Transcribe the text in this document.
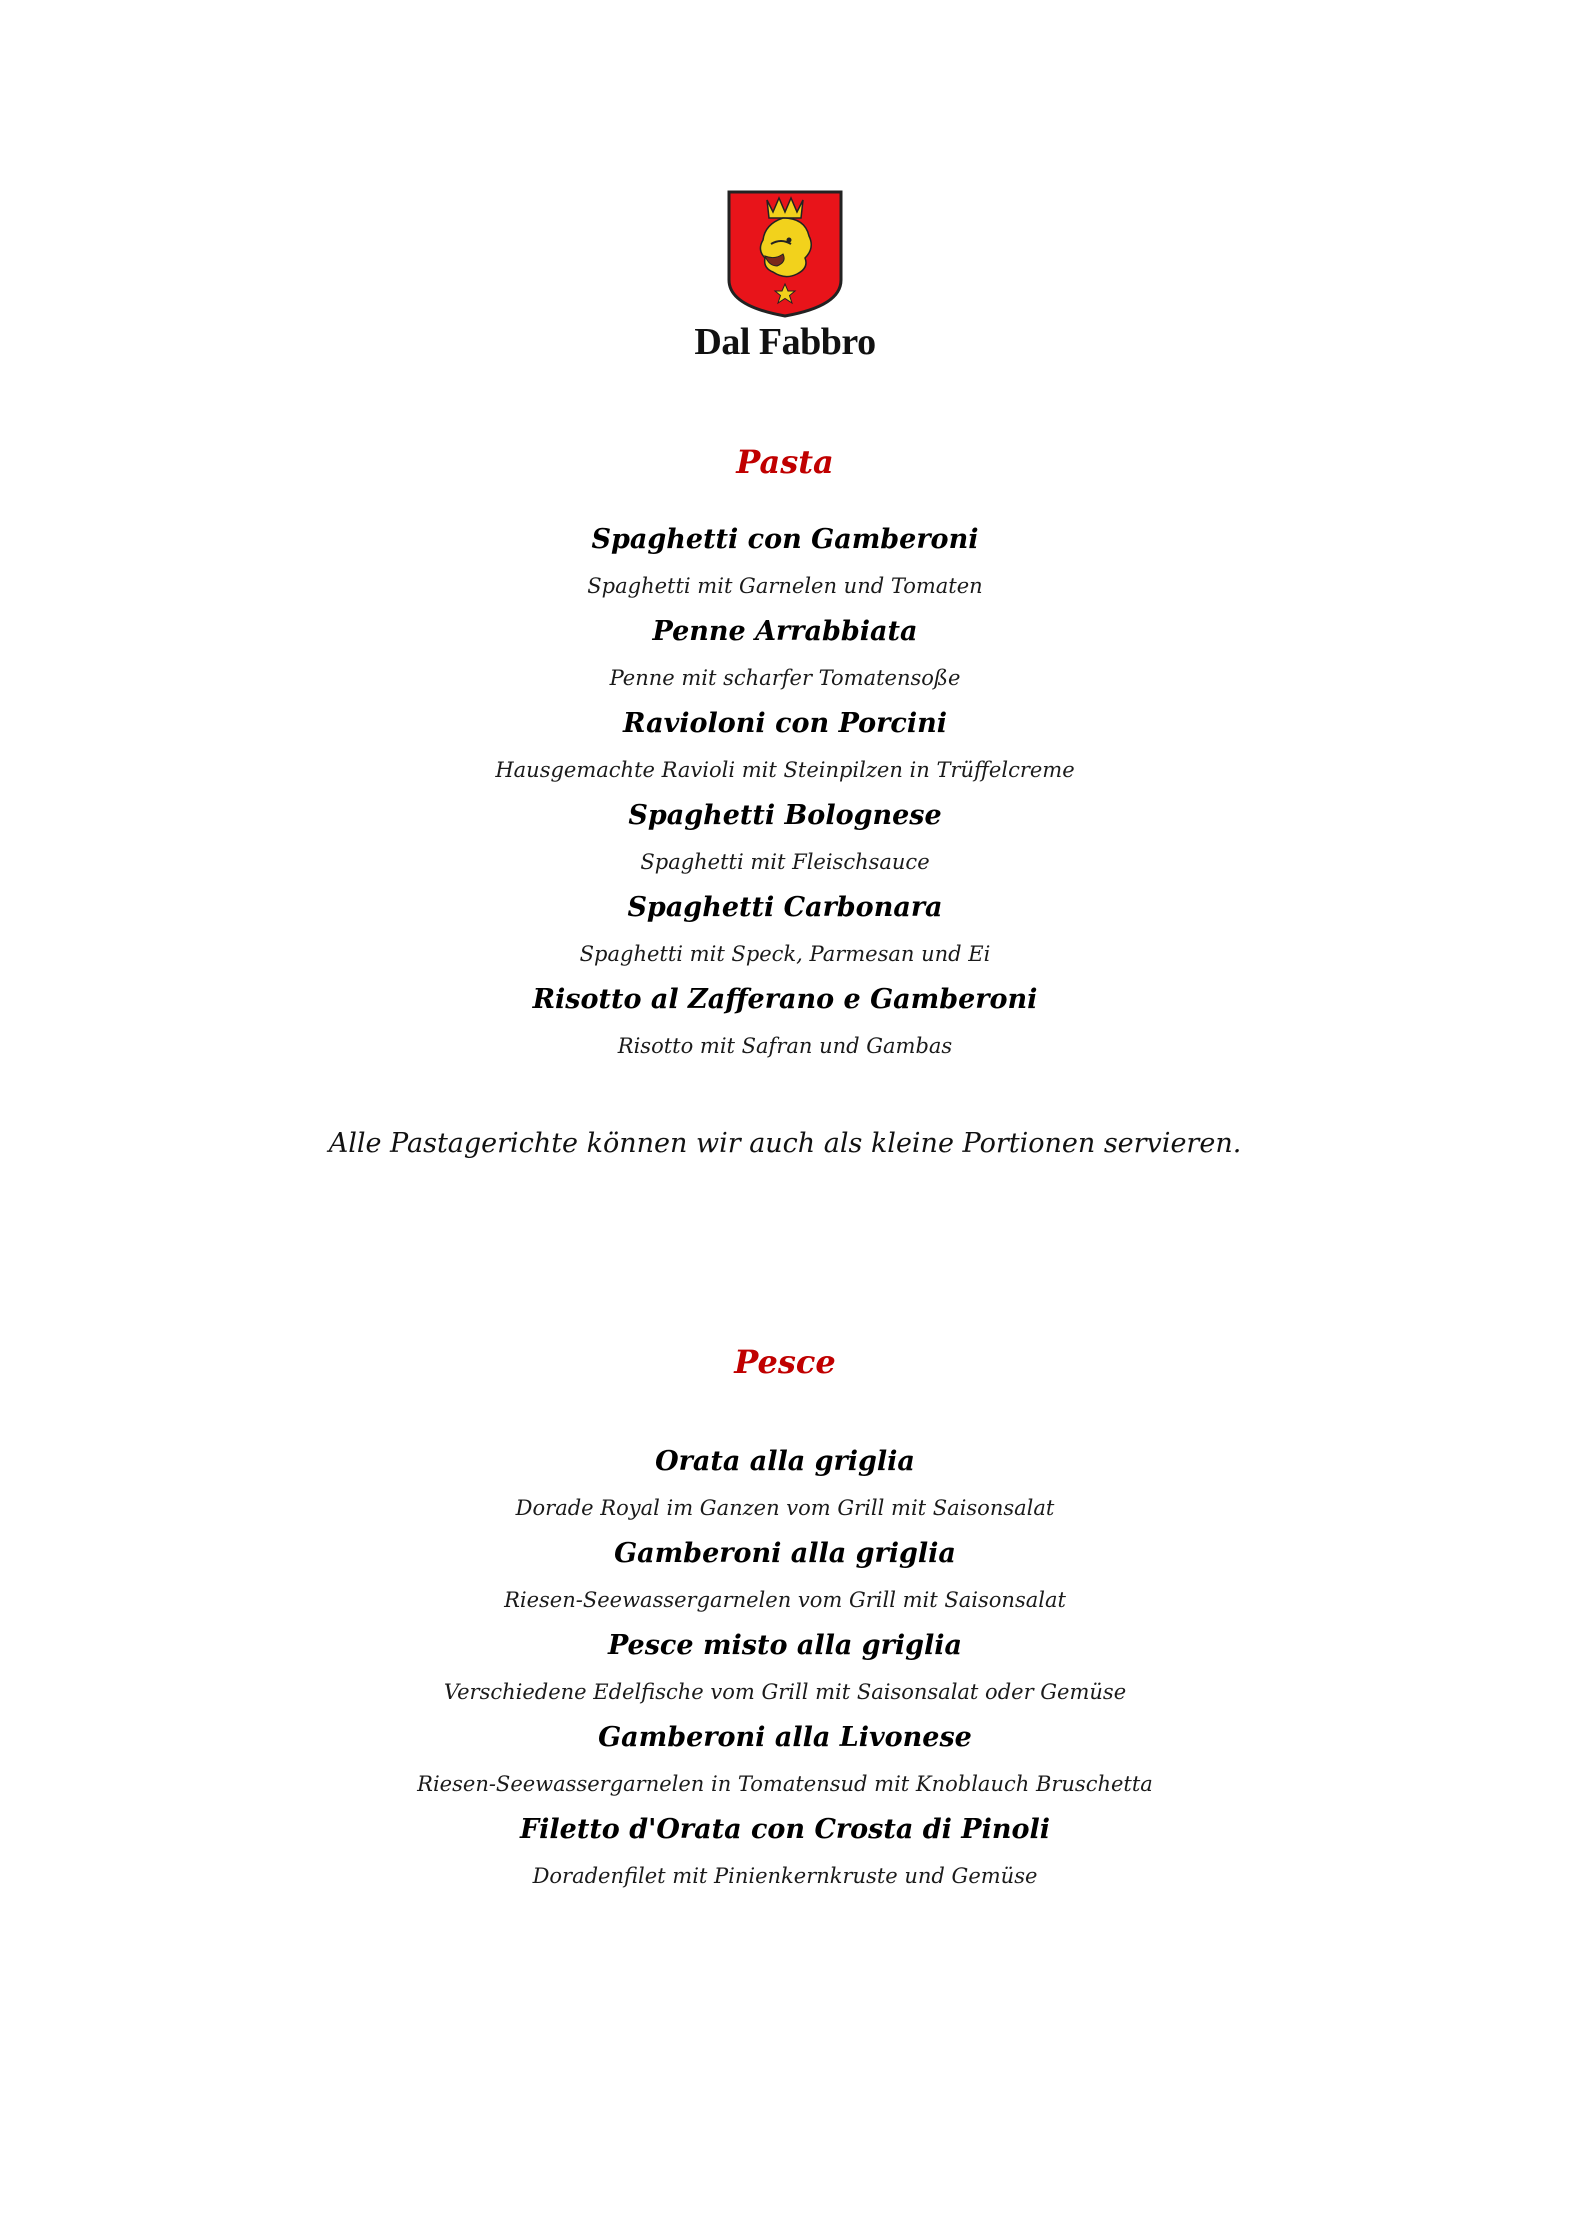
Dal Fabbro
Pasta

Spaghetti con Gamberoni

Spaghetti mit Garnelen und Tomaten

Penne Arrabbiata

Penne mit scharfer Tomatensoße

Ravioloni con Porcini

Hausgemachte Ravioli mit Steinpilzen in Trüffelcreme

Spaghetti Bolognese

Spaghetti mit Fleischsauce

Spaghetti Carbonara

Spaghetti mit Speck, Parmesan und Ei

Risotto al Zafferano e Gamberoni

Risotto mit Safran und Gambas

Alle Pastagerichte können wir auch als kleine Portionen servieren.

Pesce

Orata alla griglia

Dorade Royal im Ganzen vom Grill mit Saisonsalat

Gamberoni alla griglia

Riesen-Seewassergarnelen vom Grill mit Saisonsalat

Pesce misto alla griglia

Verschiedene Edelfische vom Grill mit Saisonsalat oder Gemüse

Gamberoni alla Livonese

Riesen-Seewassergarnelen in Tomatensud mit Knoblauch Bruschetta

Filetto d'Orata con Crosta di Pinoli

Doradenfilet mit Pinienkernkruste und Gemüse
